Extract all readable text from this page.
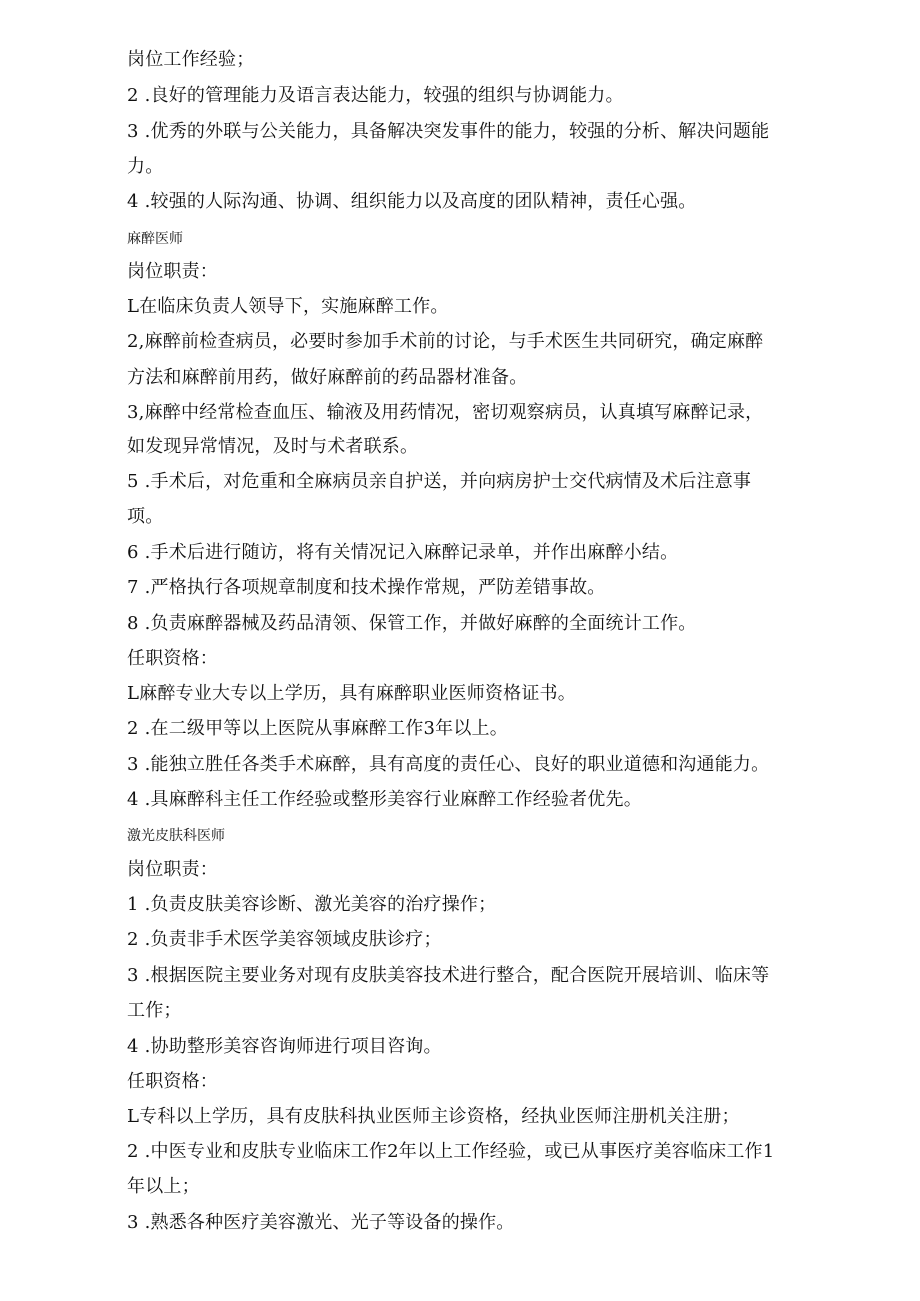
岗位工作经验；
2 .良好的管理能力及语言表达能力，较强的组织与协调能力。
3 .优秀的外联与公关能力，具备解决突发事件的能力，较强的分析、解决问题能
力。
4 .较强的人际沟通、协调、组织能力以及高度的团队精神，责任心强。
麻醉医师
岗位职责：
L在临床负责人领导下，实施麻醉工作。
2,麻醉前检查病员，必要时参加手术前的讨论，与手术医生共同研究，确定麻醉
方法和麻醉前用药，做好麻醉前的药品器材准备。
3,麻醉中经常检查血压、输液及用药情况，密切观察病员，认真填写麻醉记录，
如发现异常情况，及时与术者联系。
5 .手术后，对危重和全麻病员亲自护送，并向病房护士交代病情及术后注意事
项。
6 .手术后进行随访，将有关情况记入麻醉记录单，并作出麻醉小结。
7 .严格执行各项规章制度和技术操作常规，严防差错事故。
8 .负责麻醉器械及药品清领、保管工作，并做好麻醉的全面统计工作。
任职资格：
L麻醉专业大专以上学历，具有麻醉职业医师资格证书。
2 .在二级甲等以上医院从事麻醉工作3年以上。
3 .能独立胜任各类手术麻醉，具有高度的责任心、良好的职业道德和沟通能力。
4 .具麻醉科主任工作经验或整形美容行业麻醉工作经验者优先。
激光皮肤科医师
岗位职责：
1 .负责皮肤美容诊断、激光美容的治疗操作；
2 .负责非手术医学美容领域皮肤诊疗；
3 .根据医院主要业务对现有皮肤美容技术进行整合，配合医院开展培训、临床等
工作；
4 .协助整形美容咨询师进行项目咨询。
任职资格：
L专科以上学历，具有皮肤科执业医师主诊资格，经执业医师注册机关注册；
2 .中医专业和皮肤专业临床工作2年以上工作经验，或已从事医疗美容临床工作1
年以上；
3 .熟悉各种医疗美容激光、光子等设备的操作。
